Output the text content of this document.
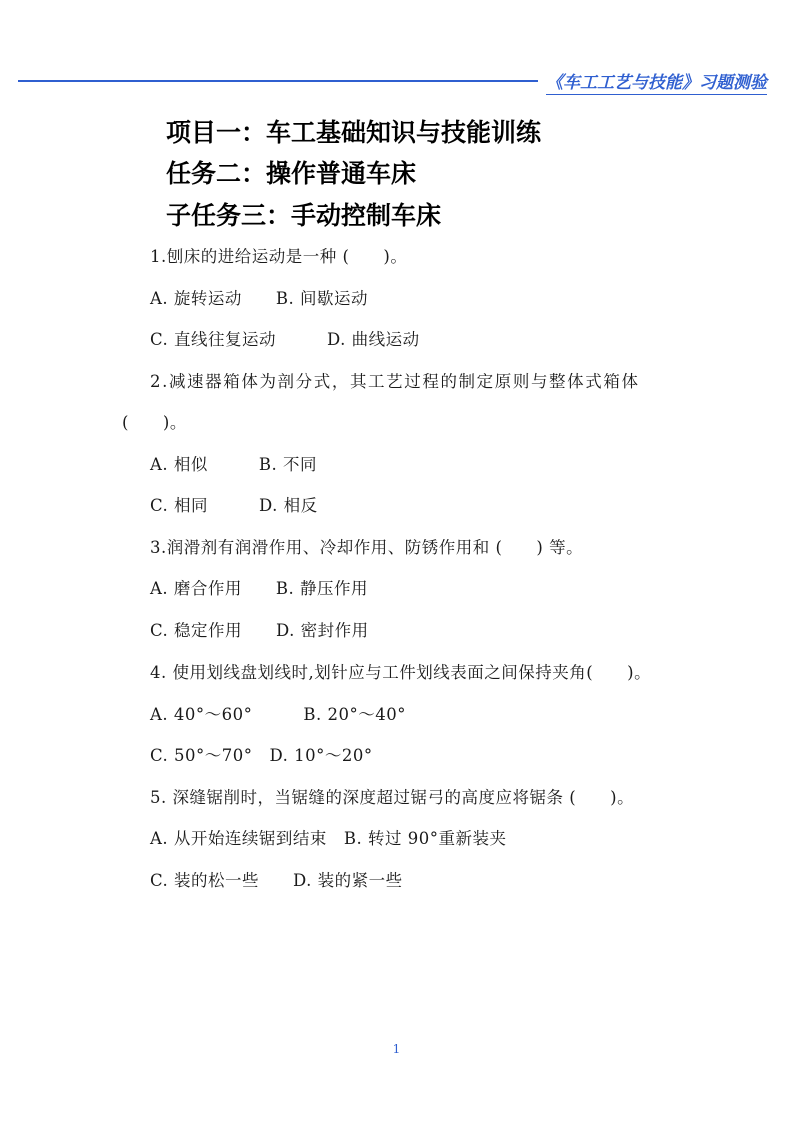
《车工工艺与技能》习题测验
项目一：车工基础知识与技能训练
任务二：操作普通车床
子任务三：手动控制车床
1.刨床的进给运动是一种 (　　)。
A. 旋转运动　　B. 间歇运动
C. 直线往复运动　　　D. 曲线运动
2.减速器箱体为剖分式，其工艺过程的制定原则与整体式箱体
(　　)。
A. 相似　　　B. 不同
C. 相同　　　D. 相反
3.润滑剂有润滑作用、冷却作用、防锈作用和 (　　) 等。
A. 磨合作用　　B. 静压作用
C. 稳定作用　　D. 密封作用
4. 使用划线盘划线时,划针应与工件划线表面之间保持夹角(　　)。
A. 40°～60°　　　B. 20°～40°
C. 50°～70°　D. 10°～20°
5. 深缝锯削时，当锯缝的深度超过锯弓的高度应将锯条 (　　)。
A. 从开始连续锯到结束　B. 转过 90°重新装夹
C. 装的松一些　　D. 装的紧一些
1
